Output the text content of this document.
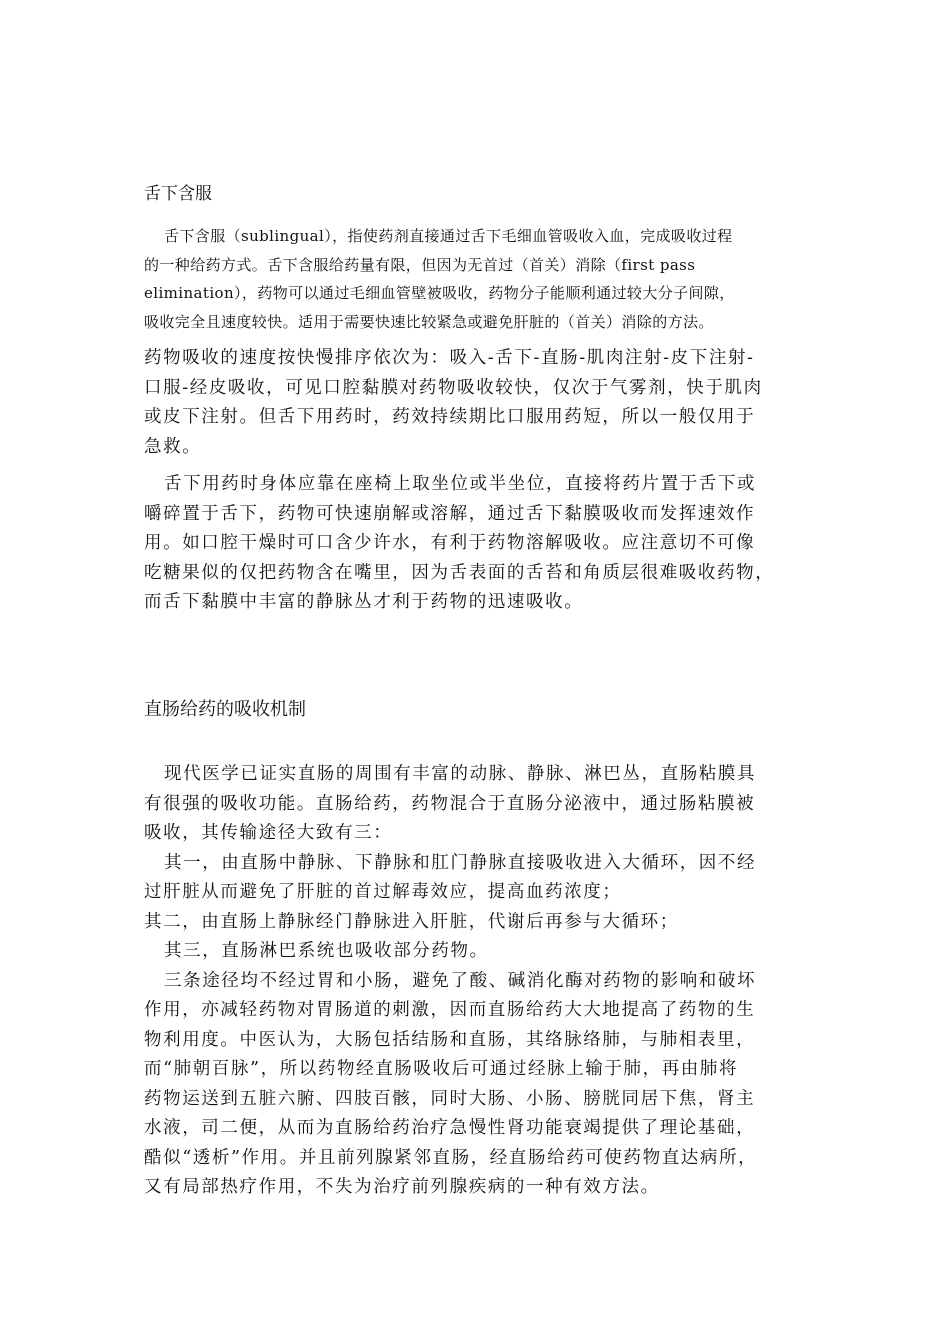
舌下含服
舌下含服（sublingual），指使药剂直接通过舌下毛细血管吸收入血，完成吸收过程
的一种给药方式。舌下含服给药量有限，但因为无首过（首关）消除（first pass
elimination），药物可以通过毛细血管壁被吸收，药物分子能顺利通过较大分子间隙，
吸收完全且速度较快。适用于需要快速比较紧急或避免肝脏的（首关）消除的方法。
药物吸收的速度按快慢排序依次为：吸入-舌下-直肠-肌肉注射-皮下注射-
口服-经皮吸收，可见口腔黏膜对药物吸收较快，仅次于气雾剂，快于肌肉
或皮下注射。但舌下用药时，药效持续期比口服用药短，所以一般仅用于
急救。
舌下用药时身体应靠在座椅上取坐位或半坐位，直接将药片置于舌下或
嚼碎置于舌下，药物可快速崩解或溶解，通过舌下黏膜吸收而发挥速效作
用。如口腔干燥时可口含少许水，有利于药物溶解吸收。应注意切不可像
吃糖果似的仅把药物含在嘴里，因为舌表面的舌苔和角质层很难吸收药物，
而舌下黏膜中丰富的静脉丛才利于药物的迅速吸收。
直肠给药的吸收机制
现代医学已证实直肠的周围有丰富的动脉、静脉、淋巴丛，直肠粘膜具
有很强的吸收功能。直肠给药，药物混合于直肠分泌液中，通过肠粘膜被
吸收，其传输途径大致有三：
其一，由直肠中静脉、下静脉和肛门静脉直接吸收进入大循环，因不经
过肝脏从而避免了肝脏的首过解毒效应，提高血药浓度；
其二，由直肠上静脉经门静脉进入肝脏，代谢后再参与大循环；
其三，直肠淋巴系统也吸收部分药物。
三条途径均不经过胃和小肠，避免了酸、碱消化酶对药物的影响和破坏
作用，亦减轻药物对胃肠道的刺激，因而直肠给药大大地提高了药物的生
物利用度。中医认为，大肠包括结肠和直肠，其络脉络肺，与肺相表里，
而“肺朝百脉”，所以药物经直肠吸收后可通过经脉上输于肺，再由肺将
药物运送到五脏六腑、四肢百骸，同时大肠、小肠、膀胱同居下焦，肾主
水液，司二便，从而为直肠给药治疗急慢性肾功能衰竭提供了理论基础，
酷似“透析”作用。并且前列腺紧邻直肠，经直肠给药可使药物直达病所，
又有局部热疗作用，不失为治疗前列腺疾病的一种有效方法。
